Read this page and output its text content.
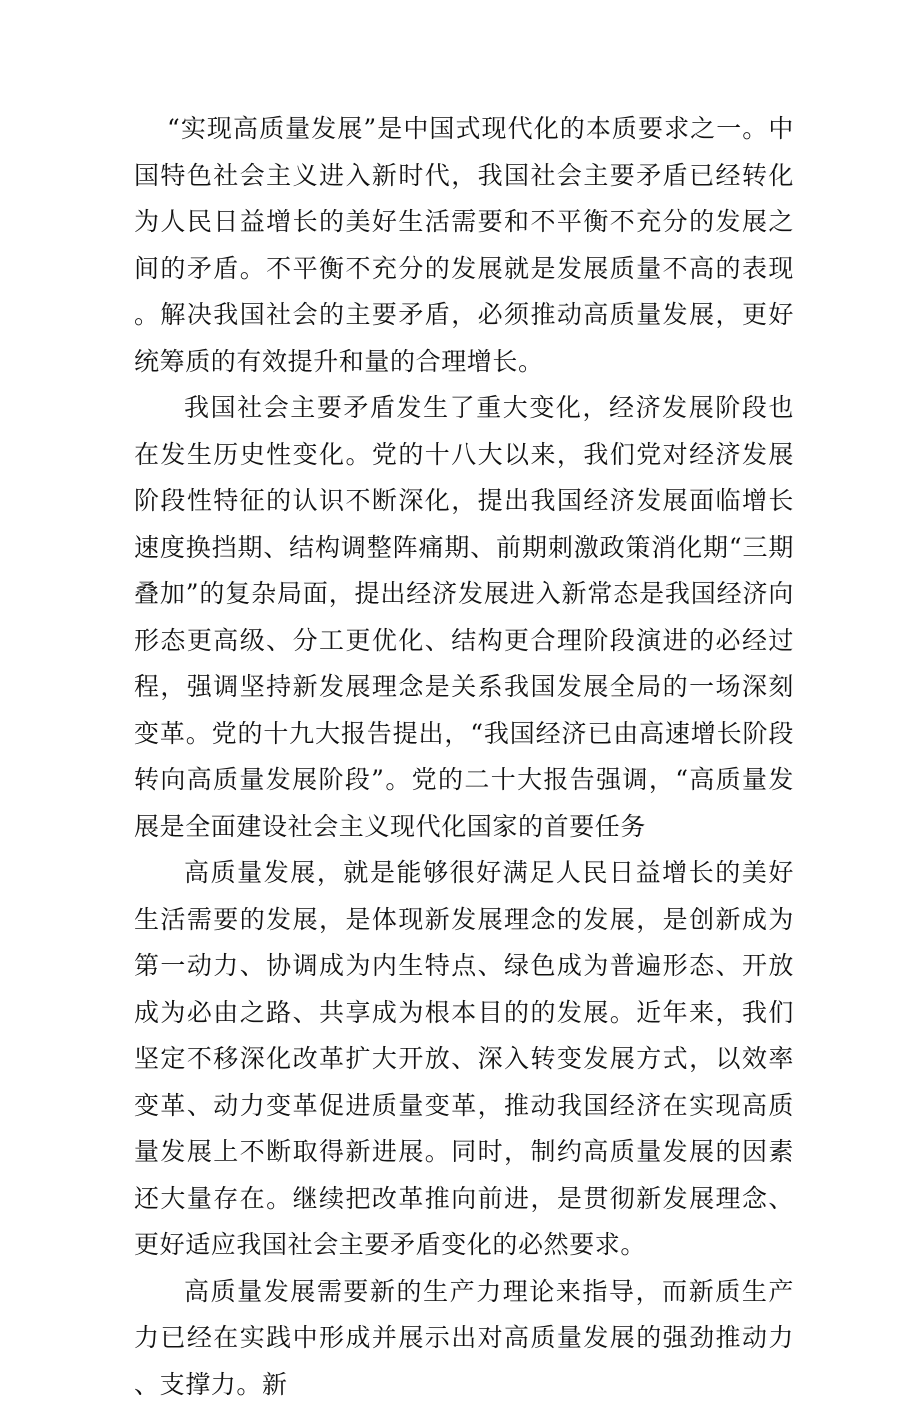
“实现高质量发展”是中国式现代化的本质要求之一。中国特色社会主义进入新时代，我国社会主要矛盾已经转化为人民日益增长的美好生活需要和不平衡不充分的发展之间的矛盾。不平衡不充分的发展就是发展质量不高的表现。解决我国社会的主要矛盾，必须推动高质量发展，更好统筹质的有效提升和量的合理增长。

我国社会主要矛盾发生了重大变化，经济发展阶段也在发生历史性变化。党的十八大以来，我们党对经济发展阶段性特征的认识不断深化，提出我国经济发展面临增长速度换挡期、结构调整阵痛期、前期刺激政策消化期“三期叠加”的复杂局面，提出经济发展进入新常态是我国经济向形态更高级、分工更优化、结构更合理阶段演进的必经过程，强调坚持新发展理念是关系我国发展全局的一场深刻变革。党的十九大报告提出，“我国经济已由高速增长阶段转向高质量发展阶段”。党的二十大报告强调，“高质量发展是全面建设社会主义现代化国家的首要任务

高质量发展，就是能够很好满足人民日益增长的美好生活需要的发展，是体现新发展理念的发展，是创新成为第一动力、协调成为内生特点、绿色成为普遍形态、开放成为必由之路、共享成为根本目的的发展。近年来，我们坚定不移深化改革扩大开放、深入转变发展方式，以效率变革、动力变革促进质量变革，推动我国经济在实现高质量发展上不断取得新进展。同时，制约高质量发展的因素还大量存在。继续把改革推向前进，是贯彻新发展理念、更好适应我国社会主要矛盾变化的必然要求。

高质量发展需要新的生产力理论来指导，而新质生产力已经在实践中形成并展示出对高质量发展的强劲推动力、支撑力。新
